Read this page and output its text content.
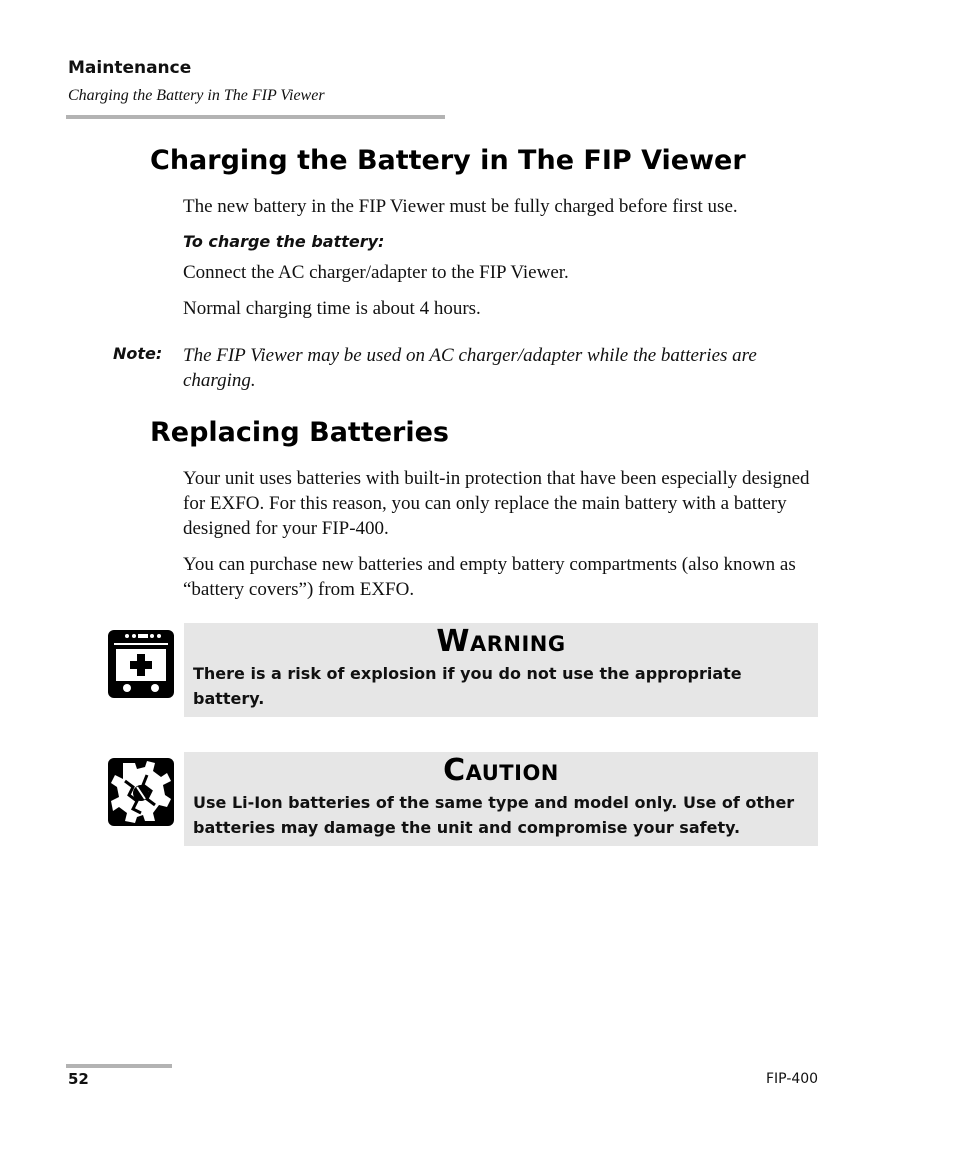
Maintenance
Charging the Battery in The FIP Viewer
Charging the Battery in The FIP Viewer
The new battery in the FIP Viewer must be fully charged before first use.
To charge the battery:
Connect the AC charger/adapter to the FIP Viewer.
Normal charging time is about 4 hours.
Note: The FIP Viewer may be used on AC charger/adapter while the batteries are charging.
Replacing Batteries
Your unit uses batteries with built-in protection that have been especially designed for EXFO. For this reason, you can only replace the main battery with a battery designed for your FIP-400.
You can purchase new batteries and empty battery compartments (also known as “battery covers”) from EXFO.
Warning
There is a risk of explosion if you do not use the appropriate battery.
Caution
Use Li-Ion batteries of the same type and model only. Use of other batteries may damage the unit and compromise your safety.
52	FIP-400
